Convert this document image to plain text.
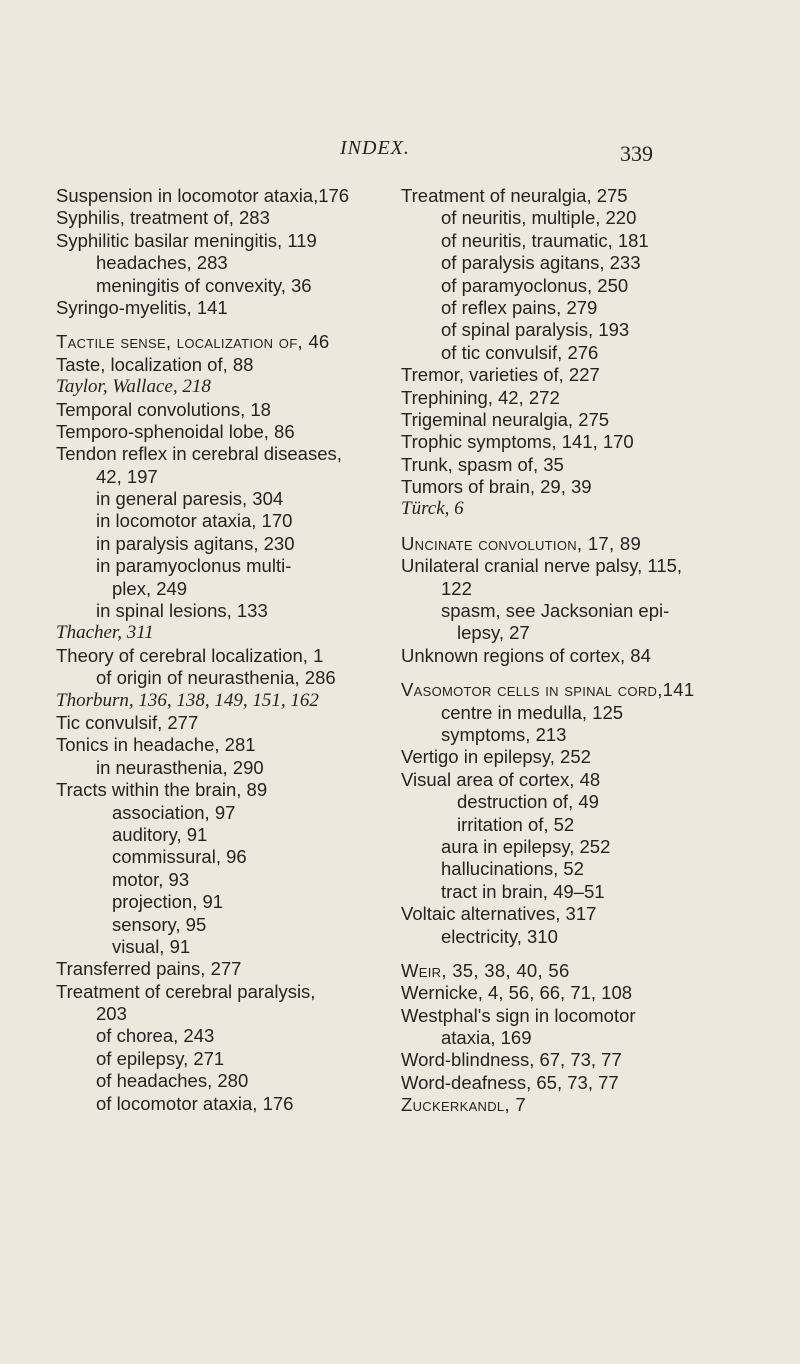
INDEX.	339
Suspension in locomotor ataxia,176
Syphilis, treatment of, 283
Syphilitic basilar meningitis, 119
headaches, 283
meningitis of convexity, 36
Syringo-myelitis, 141
Tactile sense, localization of, 46
Taste, localization of, 88
Taylor, Wallace, 218
Temporal convolutions, 18
Temporo-sphenoidal lobe, 86
Tendon reflex in cerebral diseases,
42, 197
in general paresis, 304
in locomotor ataxia, 170
in paralysis agitans, 230
in paramyoclonus multi-
plex, 249
in spinal lesions, 133
Thacher, 311
Theory of cerebral localization, 1
of origin of neurasthenia, 286
Thorburn, 136, 138, 149, 151, 162
Tic convulsif, 277
Tonics in headache, 281
in neurasthenia, 290
Tracts within the brain, 89
association, 97
auditory, 91
commissural, 96
motor, 93
projection, 91
sensory, 95
visual, 91
Transferred pains, 277
Treatment of cerebral paralysis,
203
of chorea, 243
of epilepsy, 271
of headaches, 280
of locomotor ataxia, 176
Treatment of neuralgia, 275
of neuritis, multiple, 220
of neuritis, traumatic, 181
of paralysis agitans, 233
of paramyoclonus, 250
of reflex pains, 279
of spinal paralysis, 193
of tic convulsif, 276
Tremor, varieties of, 227
Trephining, 42, 272
Trigeminal neuralgia, 275
Trophic symptoms, 141, 170
Trunk, spasm of, 35
Tumors of brain, 29, 39
Türck, 6
Uncinate convolution, 17, 89
Unilateral cranial nerve palsy, 115,
122
spasm, see Jacksonian epi-
lepsy, 27
Unknown regions of cortex, 84
Vasomotor cells in spinal cord,141
centre in medulla, 125
symptoms, 213
Vertigo in epilepsy, 252
Visual area of cortex, 48
destruction of, 49
irritation of, 52
aura in epilepsy, 252
hallucinations, 52
tract in brain, 49–51
Voltaic alternatives, 317
electricity, 310
Weir, 35, 38, 40, 56
Wernicke, 4, 56, 66, 71, 108
Westphal's sign in locomotor
ataxia, 169
Word-blindness, 67, 73, 77
Word-deafness, 65, 73, 77
Zuckerkandl, 7
